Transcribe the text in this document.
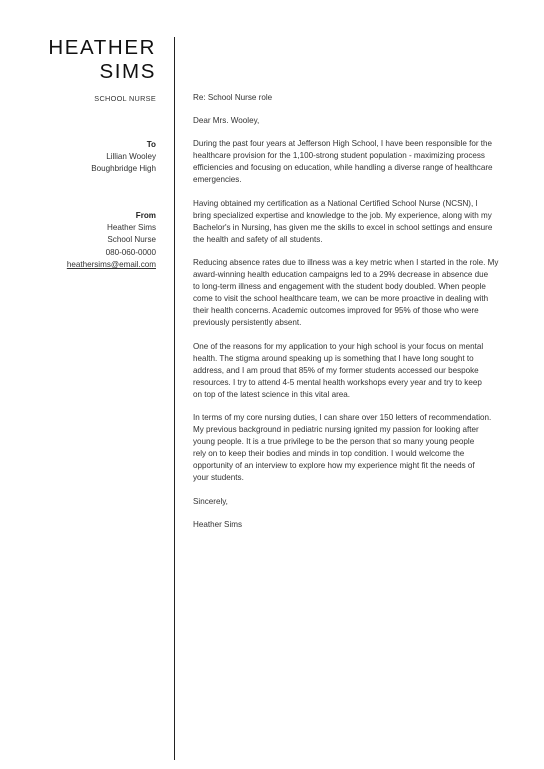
HEATHER
SIMS
SCHOOL NURSE
To
Lillian Wooley
Boughbridge High
From
Heather Sims
School Nurse
080-060-0000
heathersims@email.com

Re: School Nurse role

Dear Mrs. Wooley,

During the past four years at Jefferson High School, I have been responsible for the
healthcare provision for the 1,100-strong student population - maximizing process
efficiencies and focusing on education, while handling a diverse range of healthcare
emergencies.

Having obtained my certification as a National Certified School Nurse (NCSN), I
bring specialized expertise and knowledge to the job. My experience, along with my
Bachelor's in Nursing, has given me the skills to excel in school settings and ensure
the health and safety of all students.

Reducing absence rates due to illness was a key metric when I started in the role. My
award-winning health education campaigns led to a 29% decrease in absence due
to long-term illness and engagement with the student body doubled. When people
come to visit the school healthcare team, we can be more proactive in dealing with
their health concerns. Academic outcomes improved for 95% of those who were
previously persistently absent.

One of the reasons for my application to your high school is your focus on mental
health. The stigma around speaking up is something that I have long sought to
address, and I am proud that 85% of my former students accessed our bespoke
resources. I try to attend 4-5 mental health workshops every year and try to keep
on top of the latest science in this vital area.

In terms of my core nursing duties, I can share over 150 letters of recommendation.
My previous background in pediatric nursing ignited my passion for looking after
young people. It is a true privilege to be the person that so many young people
rely on to keep their bodies and minds in top condition. I would welcome the
opportunity of an interview to explore how my experience might fit the needs of
your students.

Sincerely,

Heather Sims
